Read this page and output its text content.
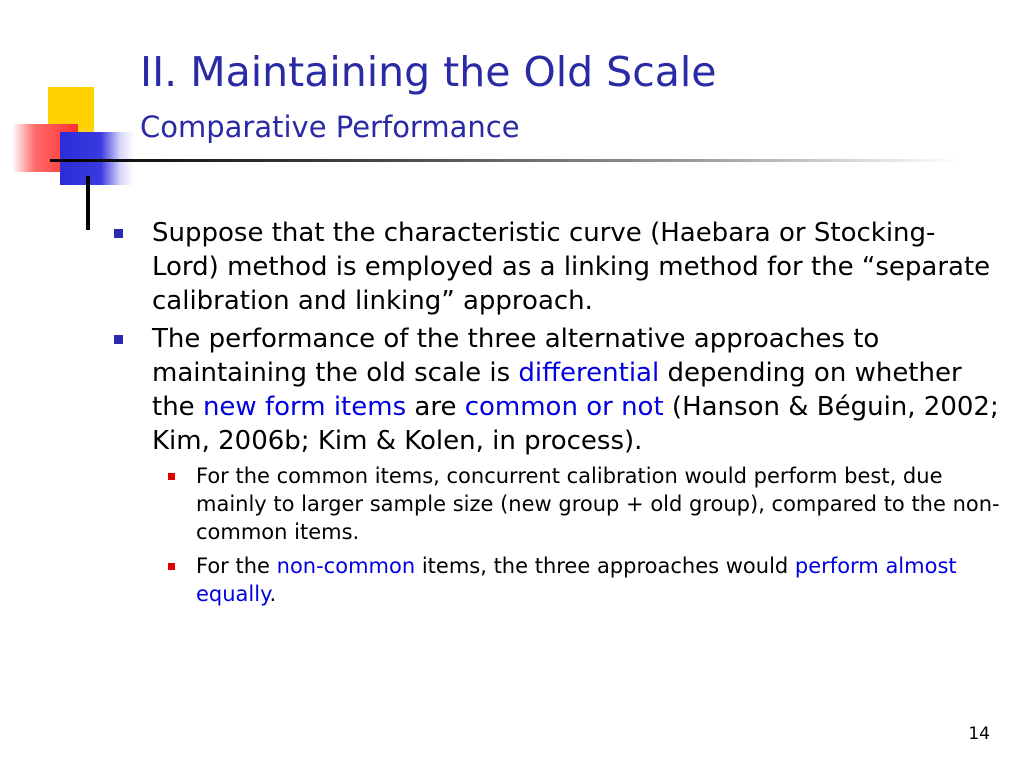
II. Maintaining the Old Scale
Comparative Performance
Suppose that the characteristic curve (Haebara or Stocking-Lord) method is employed as a linking method for the “separate calibration and linking” approach.
The performance of the three alternative approaches to maintaining the old scale is differential depending on whether the new form items are common or not (Hanson & Béguin, 2002; Kim, 2006b; Kim & Kolen, in process).
For the common items, concurrent calibration would perform best, due mainly to larger sample size (new group + old group), compared to the non-common items.
For the non-common items, the three approaches would perform almost equally.
14
